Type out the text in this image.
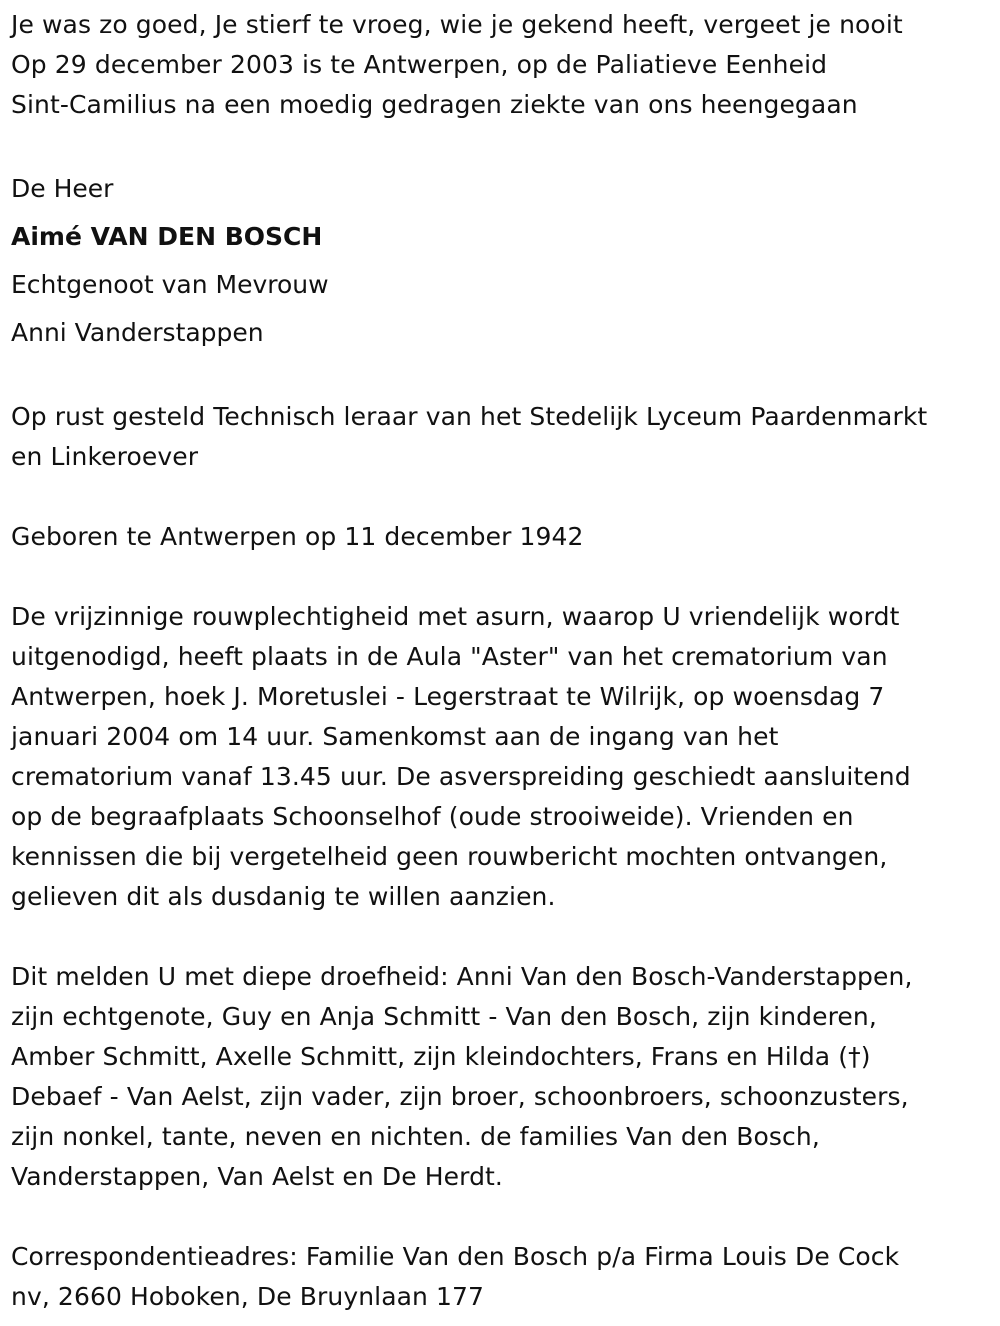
Je was zo goed, Je stierf te vroeg, wie je gekend heeft, vergeet je nooit
Op 29 december 2003 is te Antwerpen, op de Paliatieve Eenheid
Sint-Camilius na een moedig gedragen ziekte van ons heengegaan
De Heer
Aimé VAN DEN BOSCH
Echtgenoot van Mevrouw
Anni Vanderstappen
Op rust gesteld Technisch leraar van het Stedelijk Lyceum Paardenmarkt
en Linkeroever
Geboren te Antwerpen op 11 december 1942
De vrijzinnige rouwplechtigheid met asurn, waarop U vriendelijk wordt
uitgenodigd, heeft plaats in de Aula "Aster" van het crematorium van
Antwerpen, hoek J. Moretuslei - Legerstraat te Wilrijk, op woensdag 7
januari 2004 om 14 uur. Samenkomst aan de ingang van het
crematorium vanaf 13.45 uur. De asverspreiding geschiedt aansluitend
op de begraafplaats Schoonselhof (oude strooiweide). Vrienden en
kennissen die bij vergetelheid geen rouwbericht mochten ontvangen,
gelieven dit als dusdanig te willen aanzien.
Dit melden U met diepe droefheid: Anni Van den Bosch-Vanderstappen,
zijn echtgenote, Guy en Anja Schmitt - Van den Bosch, zijn kinderen,
Amber Schmitt, Axelle Schmitt, zijn kleindochters, Frans en Hilda (†)
Debaef - Van Aelst, zijn vader, zijn broer, schoonbroers, schoonzusters,
zijn nonkel, tante, neven en nichten. de families Van den Bosch,
Vanderstappen, Van Aelst en De Herdt.
Correspondentieadres: Familie Van den Bosch p/a Firma Louis De Cock
nv, 2660 Hoboken, De Bruynlaan 177
